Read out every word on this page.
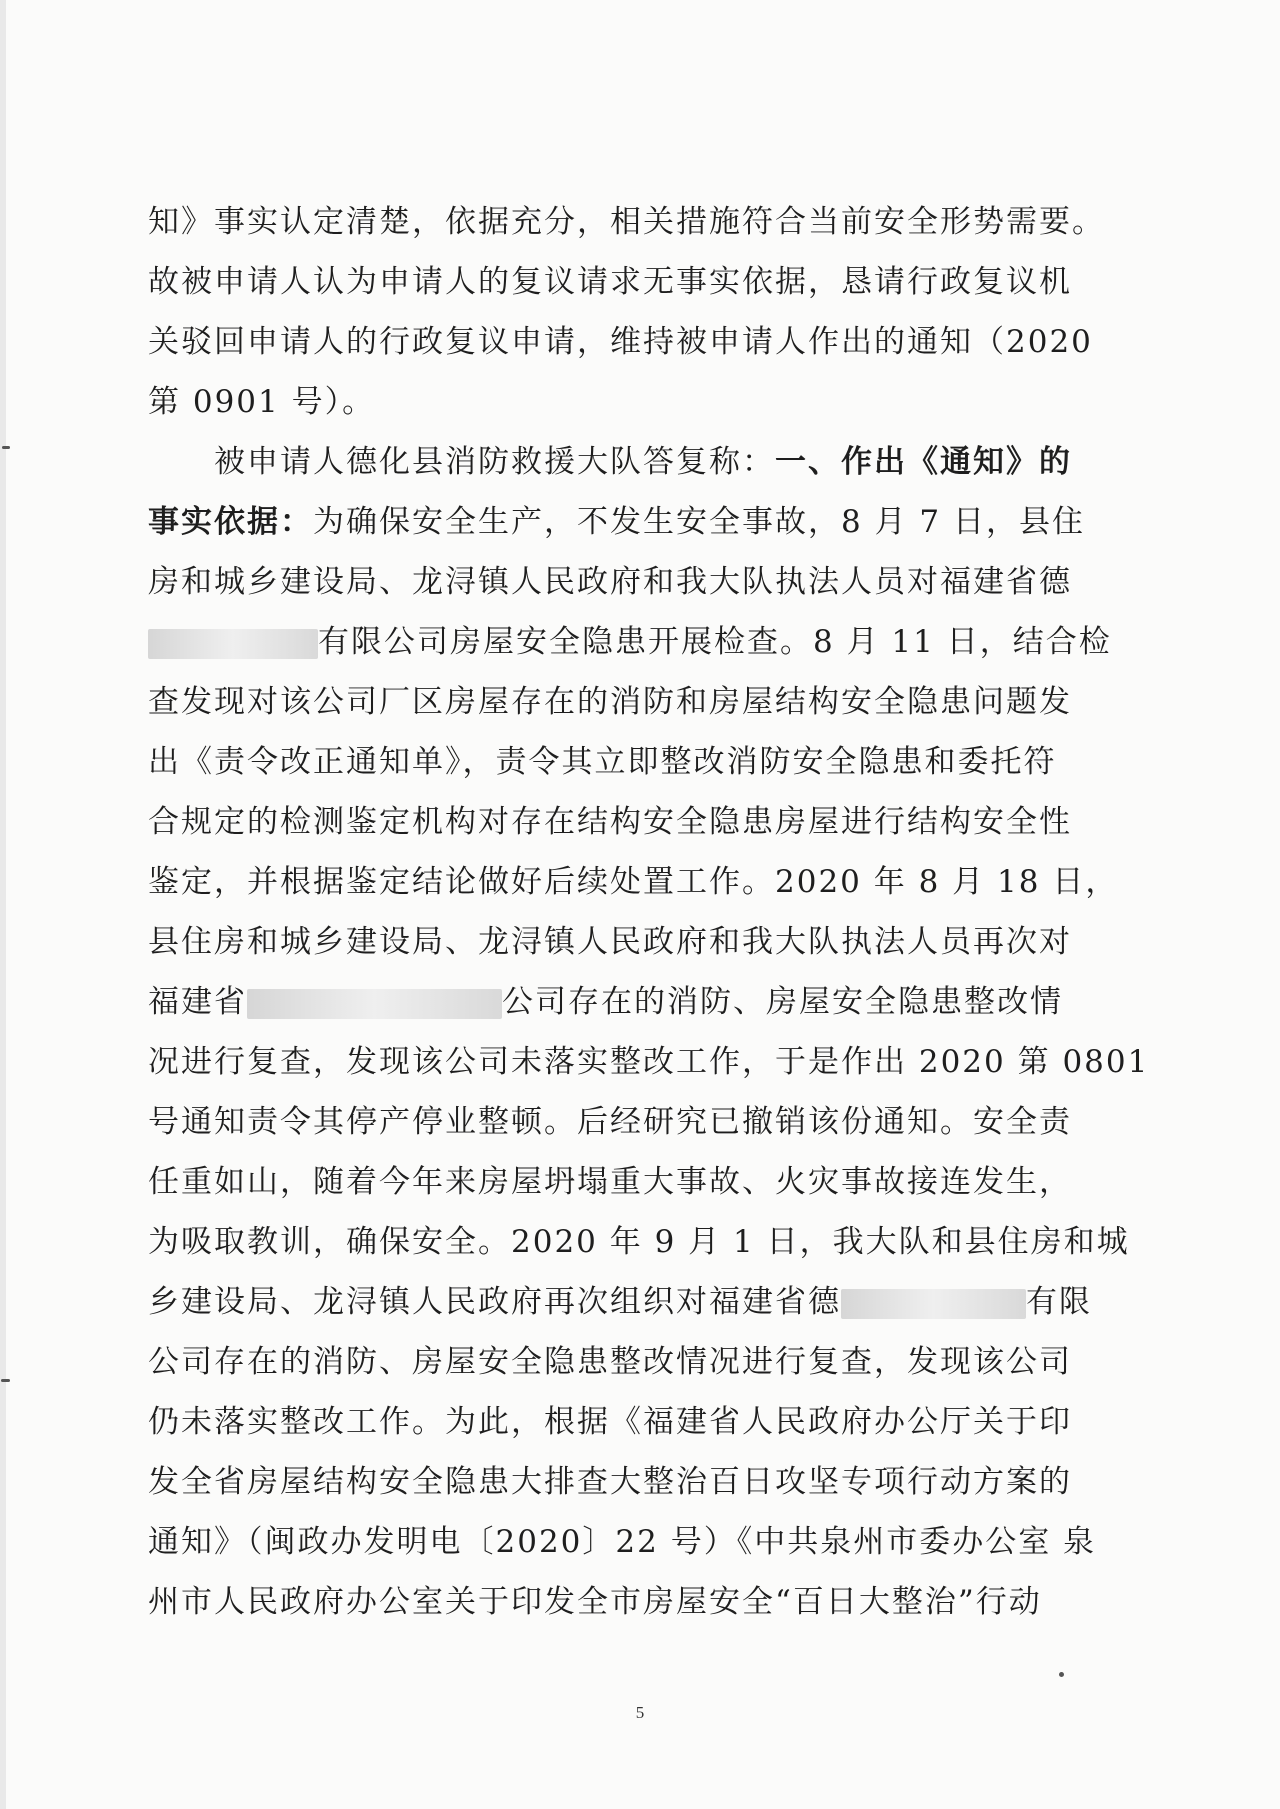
知》事实认定清楚，依据充分，相关措施符合当前安全形势需要。
故被申请人认为申请人的复议请求无事实依据，恳请行政复议机
关驳回申请人的行政复议申请，维持被申请人作出的通知（2020
第 0901 号）。
被申请人德化县消防救援大队答复称：一、作出《通知》的
事实依据：为确保安全生产，不发生安全事故，8 月 7 日，县住
房和城乡建设局、龙浔镇人民政府和我大队执法人员对福建省德
有限公司房屋安全隐患开展检查。8 月 11 日，结合检
查发现对该公司厂区房屋存在的消防和房屋结构安全隐患问题发
出《责令改正通知单》，责令其立即整改消防安全隐患和委托符
合规定的检测鉴定机构对存在结构安全隐患房屋进行结构安全性
鉴定，并根据鉴定结论做好后续处置工作。2020 年 8 月 18 日，
县住房和城乡建设局、龙浔镇人民政府和我大队执法人员再次对
福建省	公司存在的消防、房屋安全隐患整改情
况进行复查，发现该公司未落实整改工作，于是作出 2020 第 0801
号通知责令其停产停业整顿。后经研究已撤销该份通知。安全责
任重如山，随着今年来房屋坍塌重大事故、火灾事故接连发生，
为吸取教训，确保安全。2020 年 9 月 1 日，我大队和县住房和城
乡建设局、龙浔镇人民政府再次组织对福建省德	有限
公司存在的消防、房屋安全隐患整改情况进行复查，发现该公司
仍未落实整改工作。为此，根据《福建省人民政府办公厅关于印
发全省房屋结构安全隐患大排查大整治百日攻坚专项行动方案的
通知》（闽政办发明电〔2020〕22 号）《中共泉州市委办公室 泉
州市人民政府办公室关于印发全市房屋安全“百日大整治”行动
5
